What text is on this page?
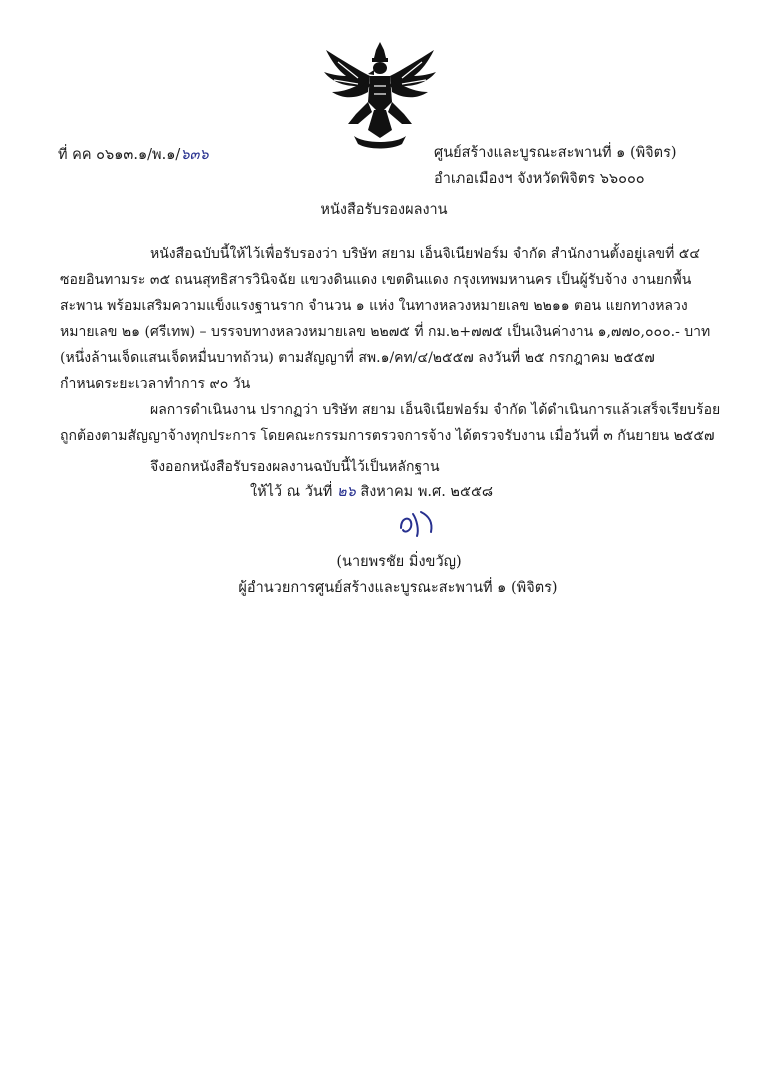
ที่ คค ๐๖๑๓.๑/พ.๑/๖๓๖	ศูนย์สร้างและบูรณะสะพานที่ ๑ (พิจิตร)
อำเภอเมืองฯ จังหวัดพิจิตร ๖๖๐๐๐
หนังสือรับรองผลงาน
หนังสือฉบับนี้ให้ไว้เพื่อรับรองว่า บริษัท สยาม เอ็นจิเนียฟอร์ม จำกัด สำนักงานตั้งอยู่เลขที่ ๕๔
ซอยอินทามระ ๓๕ ถนนสุทธิสารวินิจฉัย แขวงดินแดง เขตดินแดง กรุงเทพมหานคร เป็นผู้รับจ้าง งานยกพื้น
สะพาน พร้อมเสริมความแข็งแรงฐานราก จำนวน ๑ แห่ง ในทางหลวงหมายเลข ๒๒๑๑ ตอน แยกทางหลวง
หมายเลข ๒๑ (ศรีเทพ) – บรรจบทางหลวงหมายเลข ๒๒๗๕ ที่ กม.๒+๗๗๕ เป็นเงินค่างาน ๑,๗๗๐,๐๐๐.- บาท
(หนึ่งล้านเจ็ดแสนเจ็ดหมื่นบาทถ้วน) ตามสัญญาที่ สพ.๑/คท/๔/๒๕๕๗ ลงวันที่ ๒๕ กรกฎาคม ๒๕๕๗
กำหนดระยะเวลาทำการ ๙๐ วัน
ผลการดำเนินงาน ปรากฏว่า บริษัท สยาม เอ็นจิเนียฟอร์ม จำกัด ได้ดำเนินการแล้วเสร็จเรียบร้อย
ถูกต้องตามสัญญาจ้างทุกประการ โดยคณะกรรมการตรวจการจ้าง ได้ตรวจรับงาน เมื่อวันที่ ๓ กันยายน ๒๕๕๗
จึงออกหนังสือรับรองผลงานฉบับนี้ไว้เป็นหลักฐาน
ให้ไว้ ณ วันที่ ๒๖ สิงหาคม พ.ศ. ๒๕๕๘
(นายพรชัย มิ่งขวัญ)
ผู้อำนวยการศูนย์สร้างและบูรณะสะพานที่ ๑ (พิจิตร)
